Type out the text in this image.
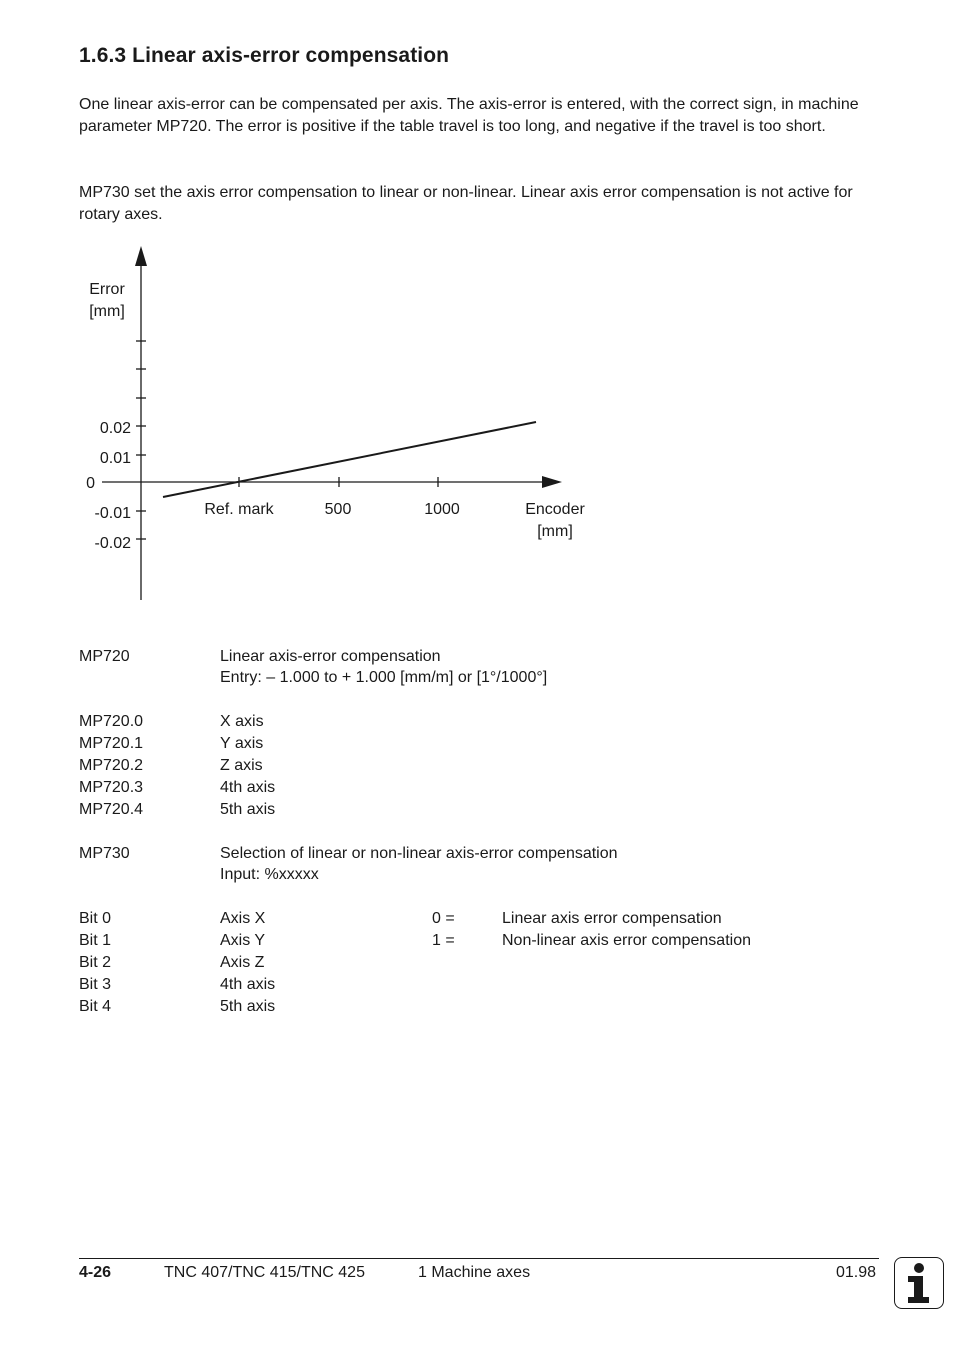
1.6.3 Linear axis-error compensation

One linear axis-error can be compensated per axis. The axis-error is entered, with the correct sign, in machine parameter MP720. The error is positive if the table travel is too long, and negative if the travel is too short.

MP730 set the axis error compensation to linear or non-linear. Linear axis error compensation is not active for rotary axes.

Error
[mm]
0.02
0.01
0
-0.01
-0.02
Ref. mark	500	1000	Encoder
[mm]
MP720	Linear axis-error compensation
Entry: – 1.000 to + 1.000 [mm/m] or [1°/1000°]
MP720.0	X axis
MP720.1	Y axis
MP720.2	Z axis
MP720.3	4th axis
MP720.4	5th axis
MP730	Selection of linear or non-linear axis-error compensation
Input: %xxxxx
Bit 0	Axis X	0 =	Linear axis error compensation
Bit 1	Axis Y	1 =	Non-linear axis error compensation
Bit 2	Axis Z
Bit 3	4th axis
Bit 4	5th axis
4-26	TNC 407/TNC 415/TNC 425	1 Machine axes	01.98
